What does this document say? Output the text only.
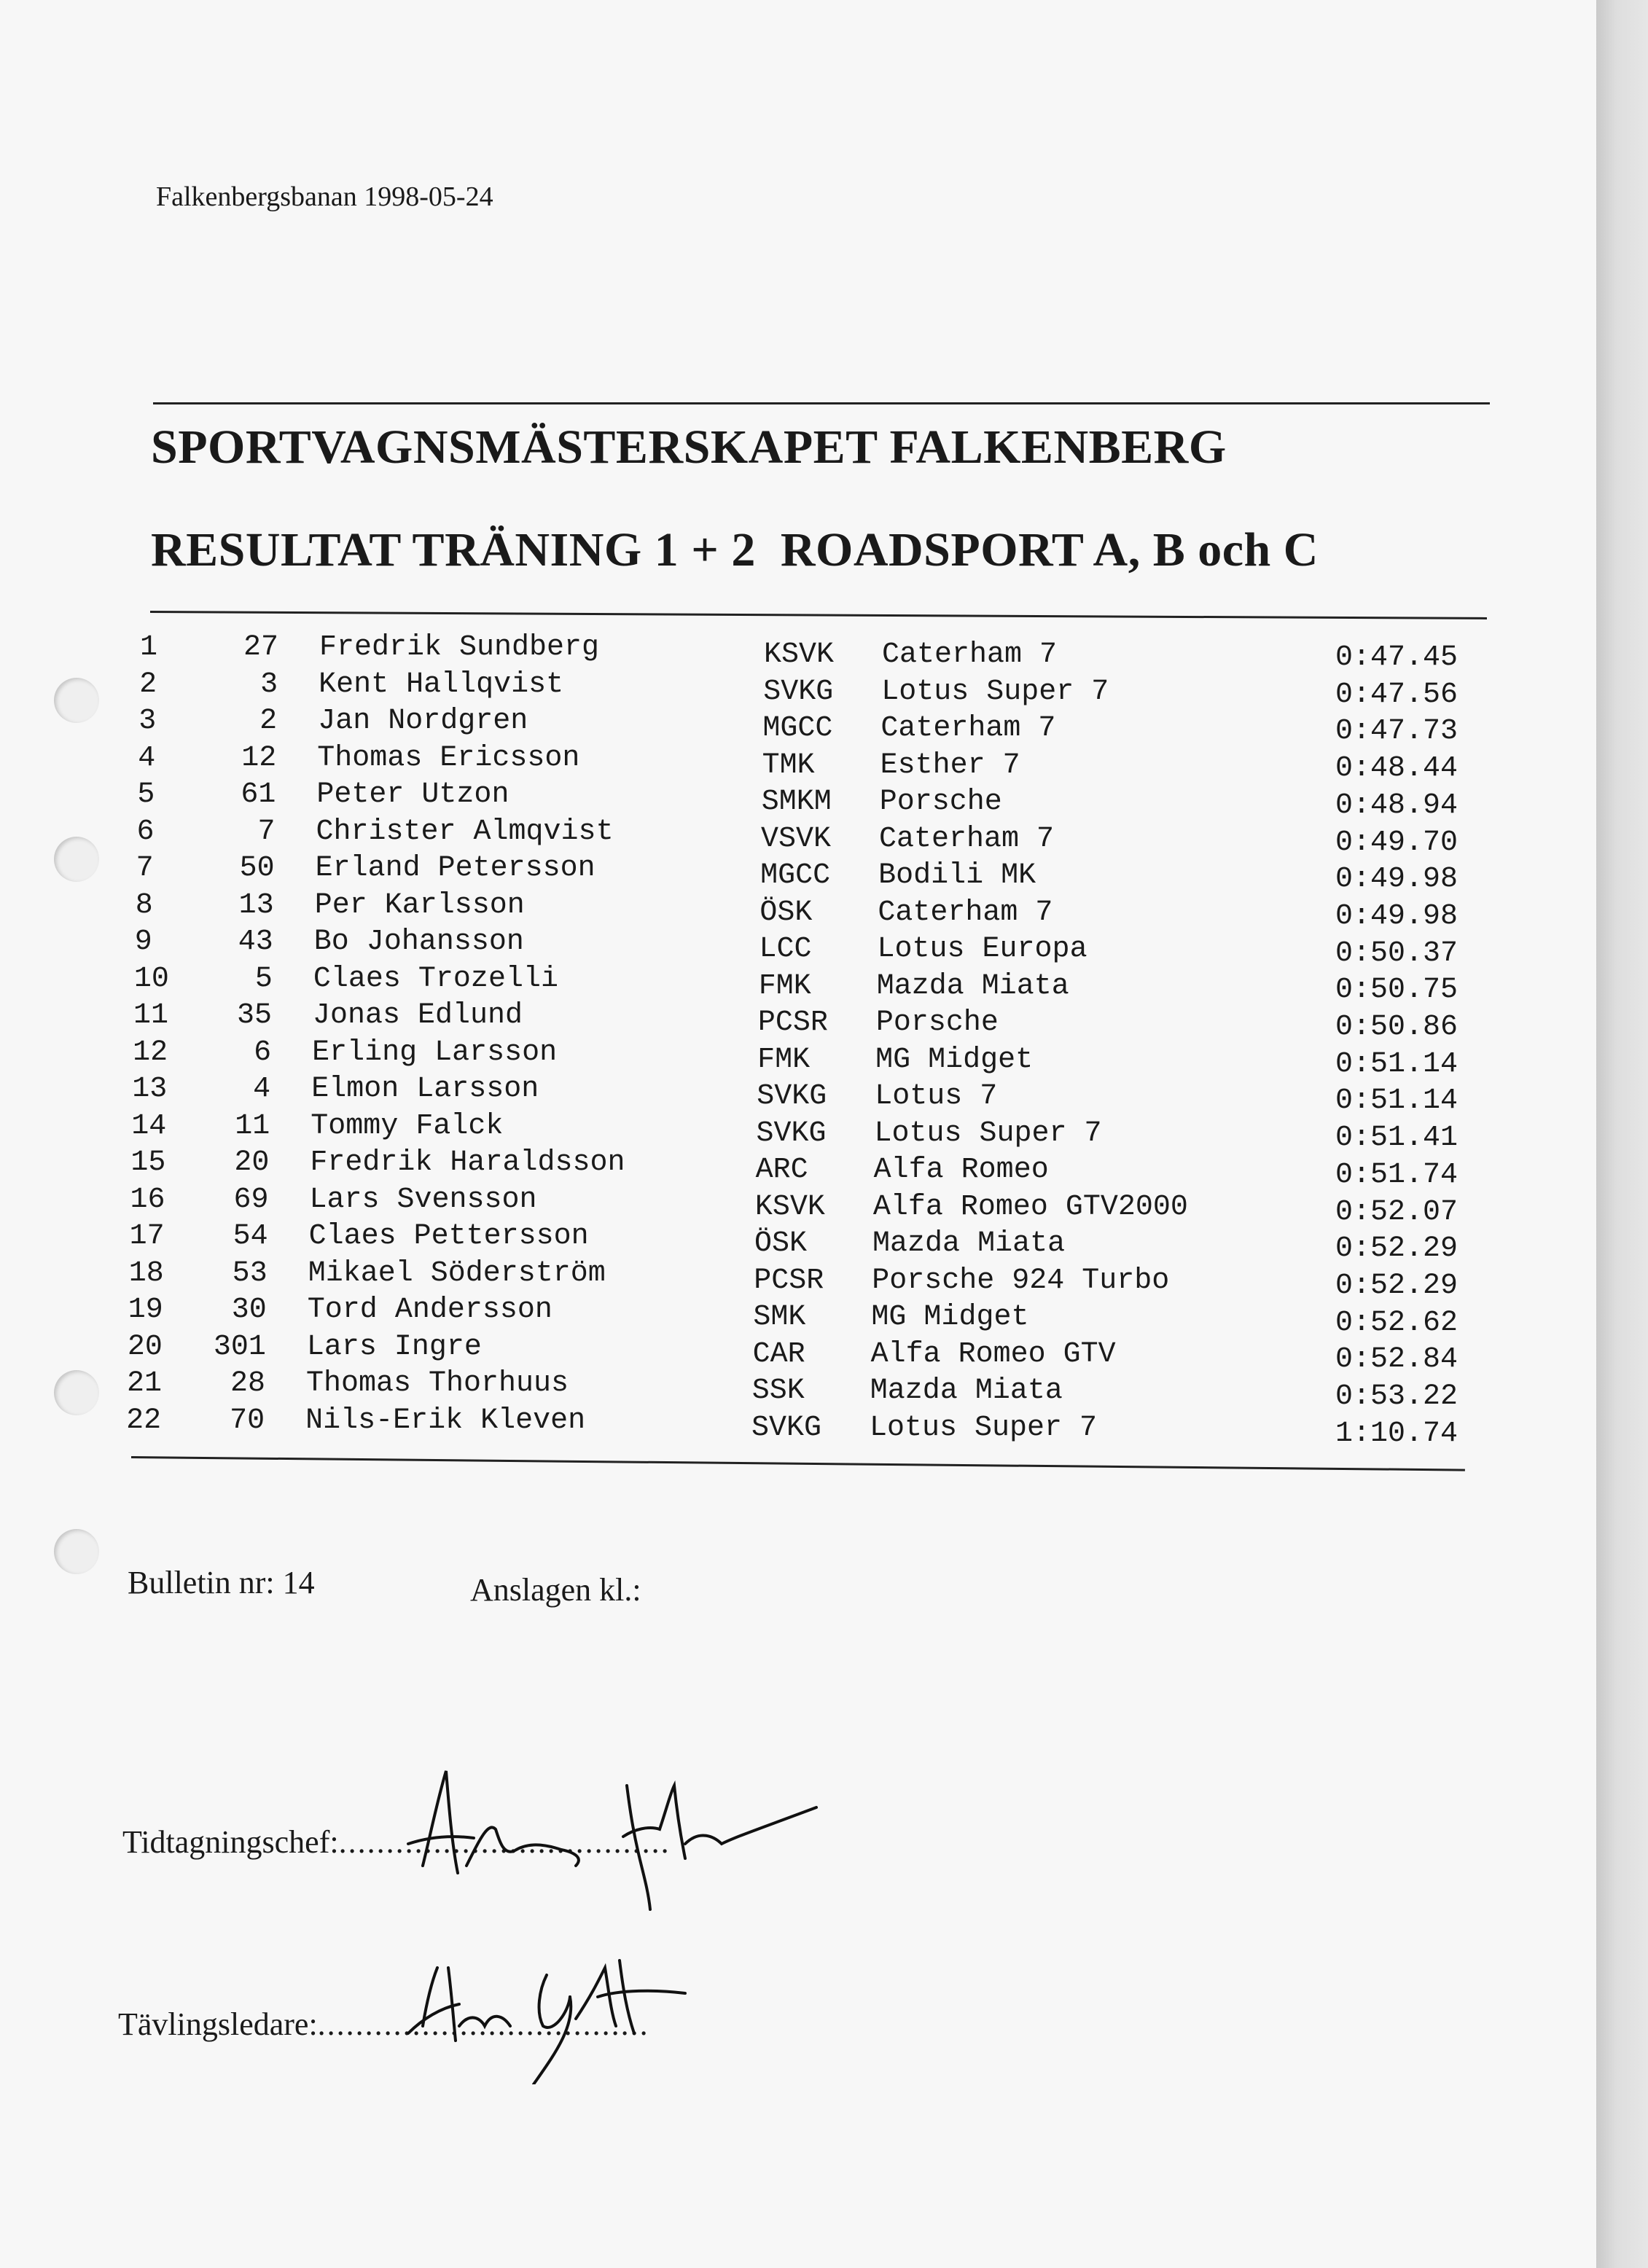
Falkenbergsbanan 1998-05-24
SPORTVAGNSMÄSTERSKAPET FALKENBERG
RESULTAT TRÄNING 1 + 2  ROADSPORT A, B och C
1	27 Fredrik Sundberg	KSVK Caterham 7	0:47.45
2	3 Kent Hallqvist	SVKG Lotus Super 7	0:47.56
3	2 Jan Nordgren	MGCC Caterham 7	0:47.73
4	12 Thomas Ericsson	TMK Esther 7	0:48.44
5	61 Peter Utzon	SMKM Porsche	0:48.94
6	7 Christer Almqvist	VSVK Caterham 7	0:49.70
7	50 Erland Petersson	MGCC Bodili MK	0:49.98
8	13 Per Karlsson	ÖSK Caterham 7	0:49.98
9	43 Bo Johansson	LCC Lotus Europa	0:50.37
10	5 Claes Trozelli	FMK Mazda Miata	0:50.75
11	35 Jonas Edlund	PCSR Porsche	0:50.86
12	6 Erling Larsson	FMK MG Midget	0:51.14
13	4 Elmon Larsson	SVKG Lotus 7	0:51.14
14	11 Tommy Falck	SVKG Lotus Super 7	0:51.41
15	20 Fredrik Haraldsson	ARC Alfa Romeo	0:51.74
16	69 Lars Svensson	KSVK Alfa Romeo GTV2000	0:52.07
17	54 Claes Pettersson	ÖSK Mazda Miata	0:52.29
18	53 Mikael Söderström	PCSR Porsche 924 Turbo	0:52.29
19	30 Tord Andersson	SMK MG Midget	0:52.62
20	301 Lars Ingre	CAR Alfa Romeo GTV	0:52.84
21	28 Thomas Thorhuus	SSK Mazda Miata	0:53.22
22	70 Nils-Erik Kleven	SVKG Lotus Super 7	1:10.74
Bulletin nr: 14	Anslagen kl.:
Tidtagningschef:...................................
Tävlingsledare:...................................
